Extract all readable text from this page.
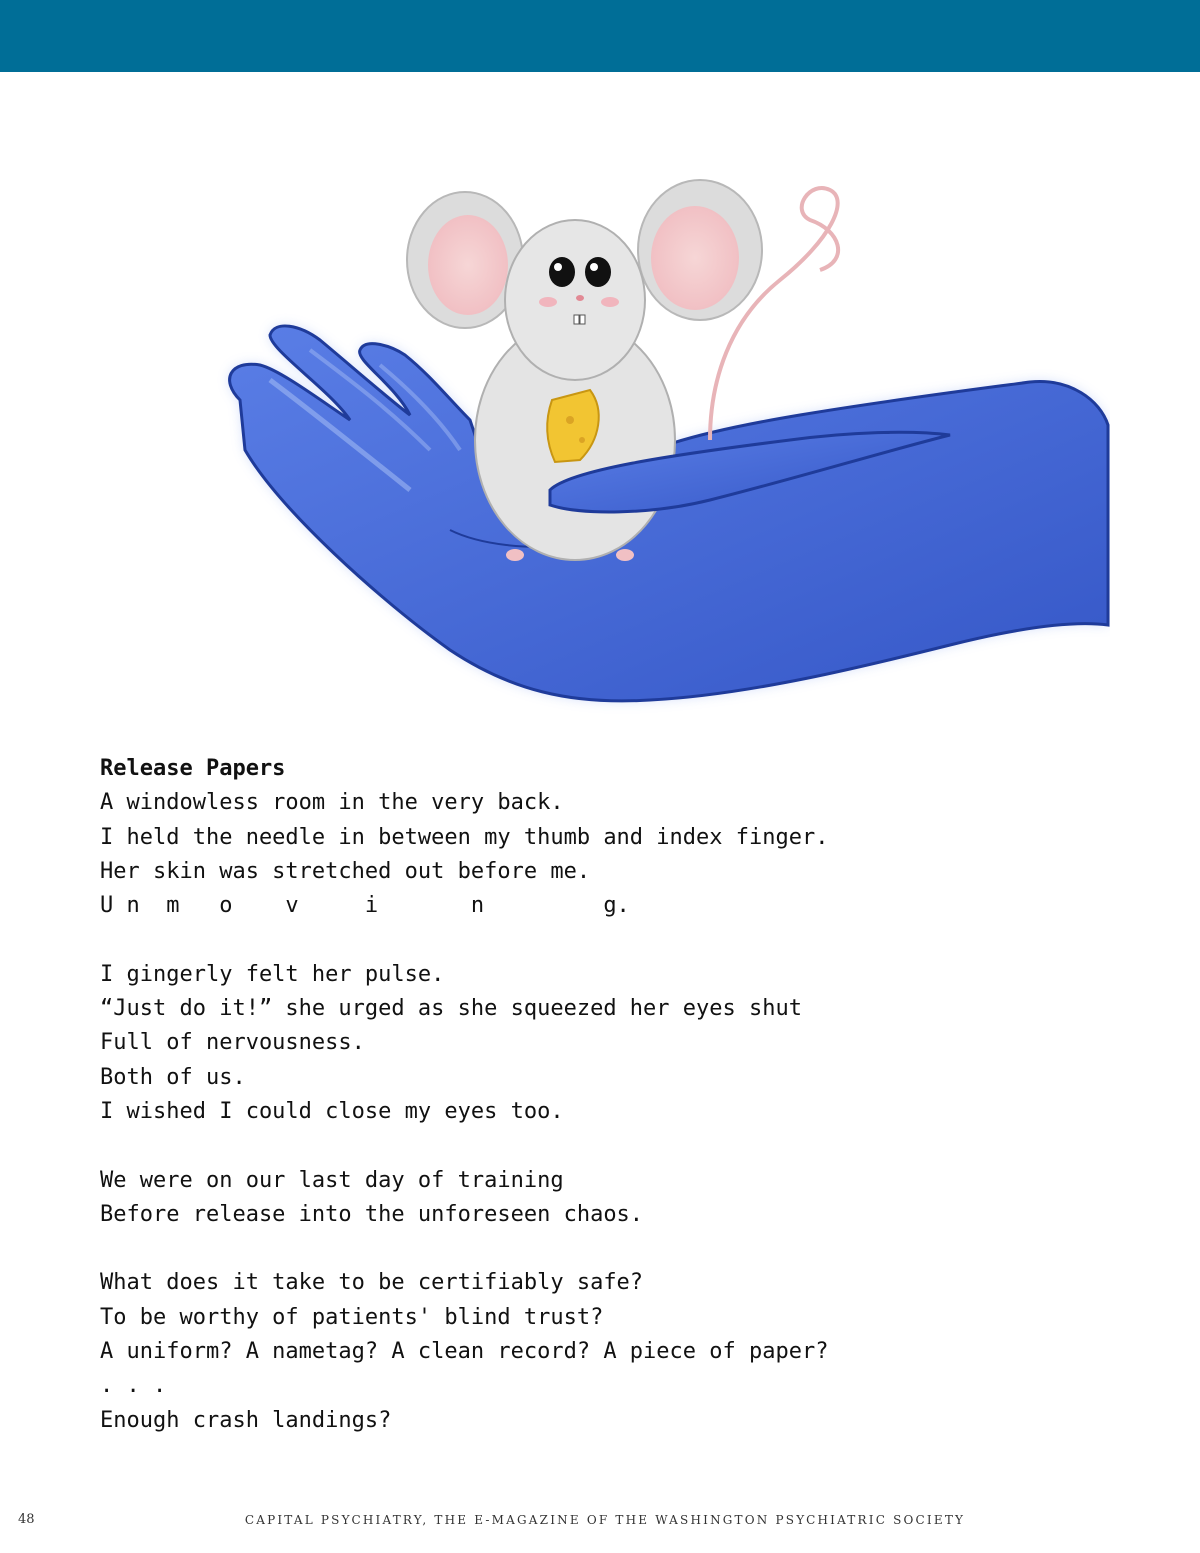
Release Papers

A windowless room in the very back.

I held the needle in between my thumb and index finger.

Her skin was stretched out before me.

U n  m   o    v     i       n         g.

I gingerly felt her pulse.

“Just do it!” she urged as she squeezed her eyes shut

Full of nervousness.

Both of us.

I wished I could close my eyes too.

We were on our last day of training

Before release into the unforeseen chaos.

What does it take to be certifiably safe?

To be worthy of patients' blind trust?

A uniform? A nametag? A clean record? A piece of paper?

. . .

Enough crash landings?

48	CAPITAL PSYCHIATRY, THE E-MAGAZINE OF THE WASHINGTON PSYCHIATRIC SOCIETY
